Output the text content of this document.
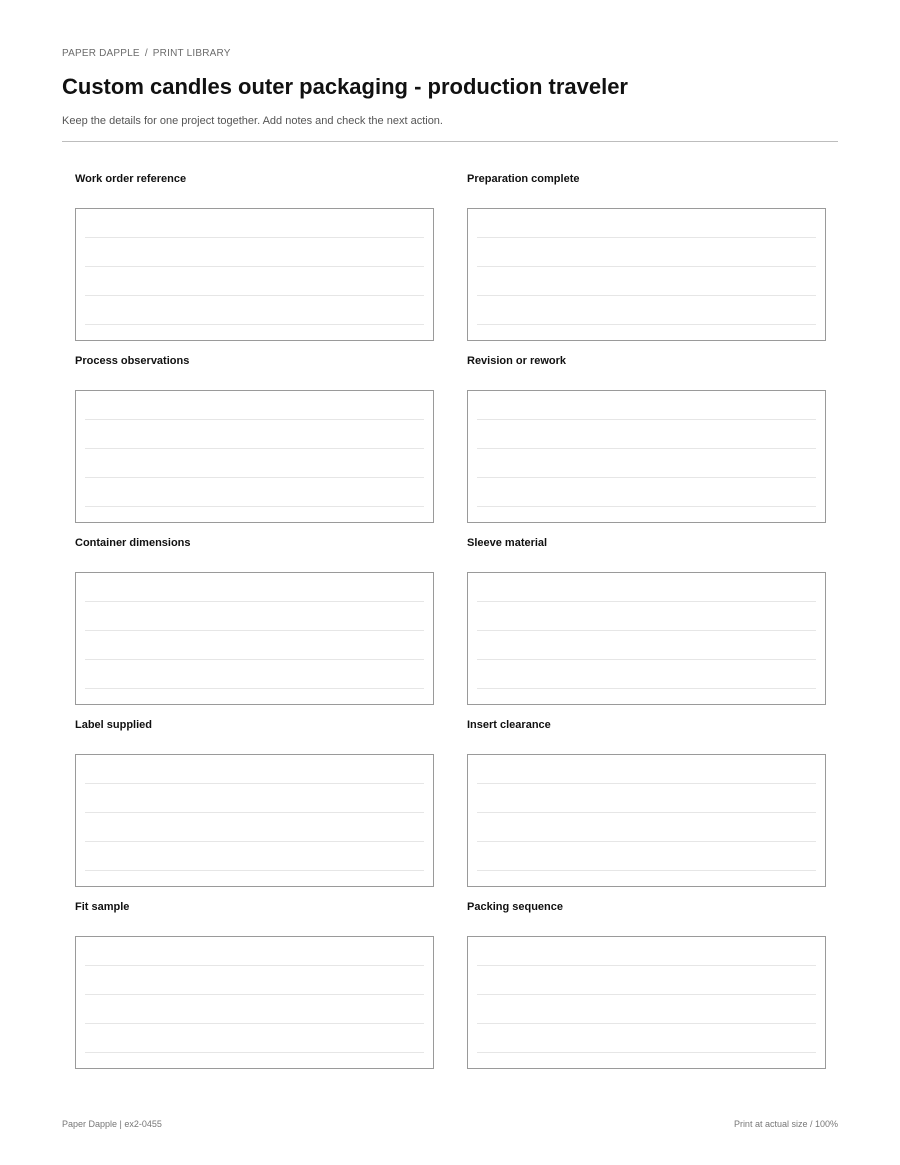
PAPER DAPPLE / PRINT LIBRARY
Custom candles outer packaging - production traveler
Keep the details for one project together. Add notes and check the next action.
Work order reference	Preparation complete
Process observations	Revision or rework
Container dimensions	Sleeve material
Label supplied	Insert clearance
Fit sample	Packing sequence
Paper Dapple | ex2-0455	Print at actual size / 100%
